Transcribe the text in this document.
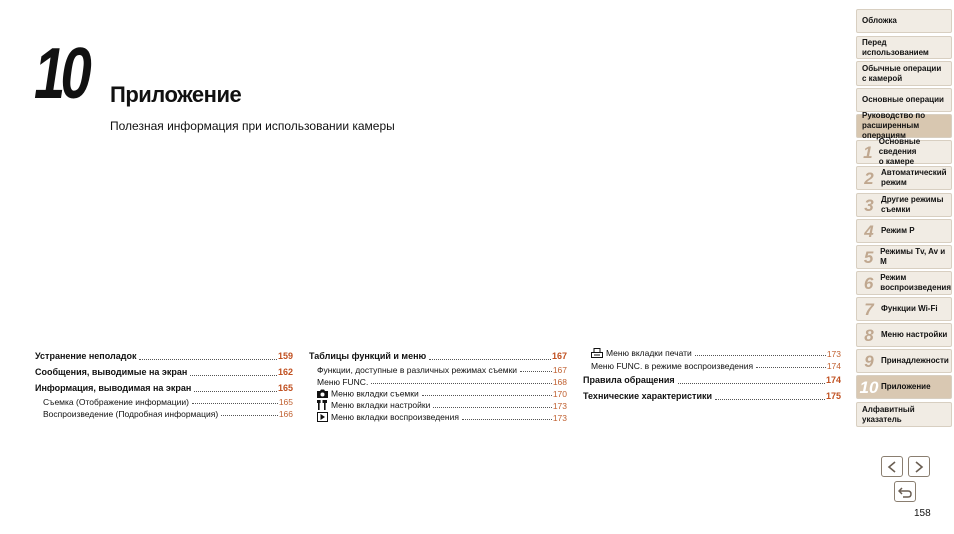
10 Приложение
Полезная информация при использовании камеры
Устранение неполадок	159
Сообщения, выводимые на экран	162
Информация, выводимая на экран	165
Съемка (Отображение информации)	165
Воспроизведение (Подробная информация)	166
Таблицы функций и меню	167
Функции, доступные в различных режимах съемки	167
Меню FUNC.	168
Меню вкладки съемки	170
Меню вкладки настройки	173
Меню вкладки воспроизведения	173
Меню вкладки печати	173
Меню FUNC. в режиме воспроизведения	174
Правила обращения	174
Технические характеристики	175
Обложка
Перед использованием
Обычные операции
с камерой
Основные операции
Руководство по
расширенным операциям
1
Основные сведения
о камере
2 Автоматический
режим
3 Другие режимы
съемки
4 Режим P
5 Режимы Tv, Av и M
6 Режим
воспроизведения
7 Функции Wi-Fi
8 Меню настройки
9 Принадлежности
10 Приложение
Алфавитный указатель
158
